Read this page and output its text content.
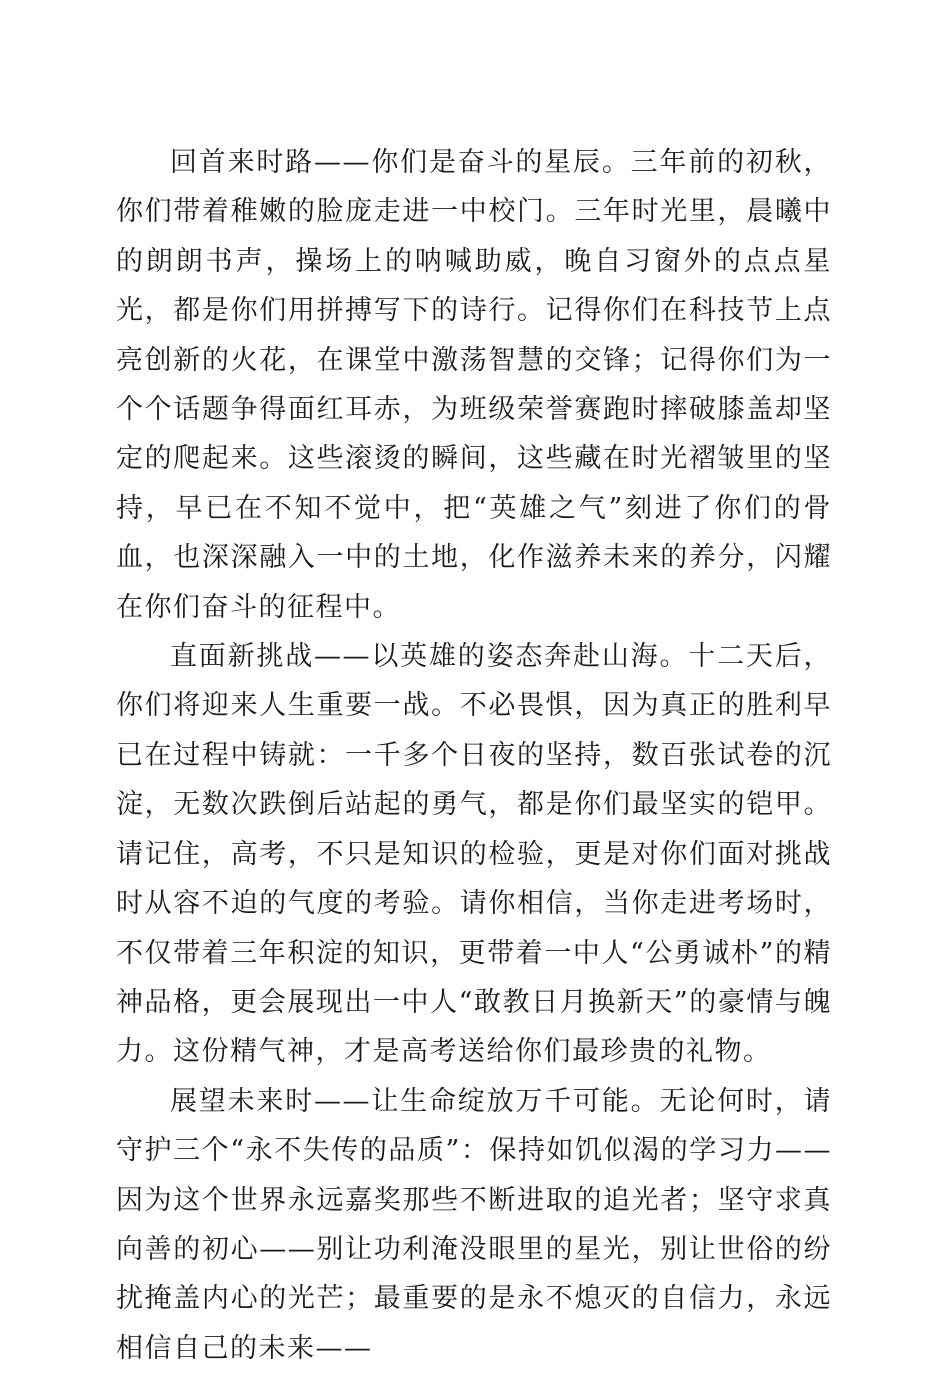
回首来时路——你们是奋斗的星辰。三年前的初秋，你们带着稚嫩的脸庞走进一中校门。三年时光里，晨曦中的朗朗书声，操场上的呐喊助威，晚自习窗外的点点星光，都是你们用拼搏写下的诗行。记得你们在科技节上点亮创新的火花，在课堂中激荡智慧的交锋；记得你们为一个个话题争得面红耳赤，为班级荣誉赛跑时摔破膝盖却坚定的爬起来。这些滚烫的瞬间，这些藏在时光褶皱里的坚持，早已在不知不觉中，把“英雄之气”刻进了你们的骨血，也深深融入一中的土地，化作滋养未来的养分，闪耀在你们奋斗的征程中。

直面新挑战——以英雄的姿态奔赴山海。十二天后，你们将迎来人生重要一战。不必畏惧，因为真正的胜利早已在过程中铸就：一千多个日夜的坚持，数百张试卷的沉淀，无数次跌倒后站起的勇气，都是你们最坚实的铠甲。请记住，高考，不只是知识的检验，更是对你们面对挑战时从容不迫的气度的考验。请你相信，当你走进考场时，不仅带着三年积淀的知识，更带着一中人“公勇诚朴”的精神品格，更会展现出一中人“敢教日月换新天”的豪情与魄力。这份精气神，才是高考送给你们最珍贵的礼物。

展望未来时——让生命绽放万千可能。无论何时，请守护三个“永不失传的品质”：保持如饥似渴的学习力——因为这个世界永远嘉奖那些不断进取的追光者；坚守求真向善的初心——别让功利淹没眼里的星光，别让世俗的纷扰掩盖内心的光芒；最重要的是永不熄灭的自信力，永远相信自己的未来——
